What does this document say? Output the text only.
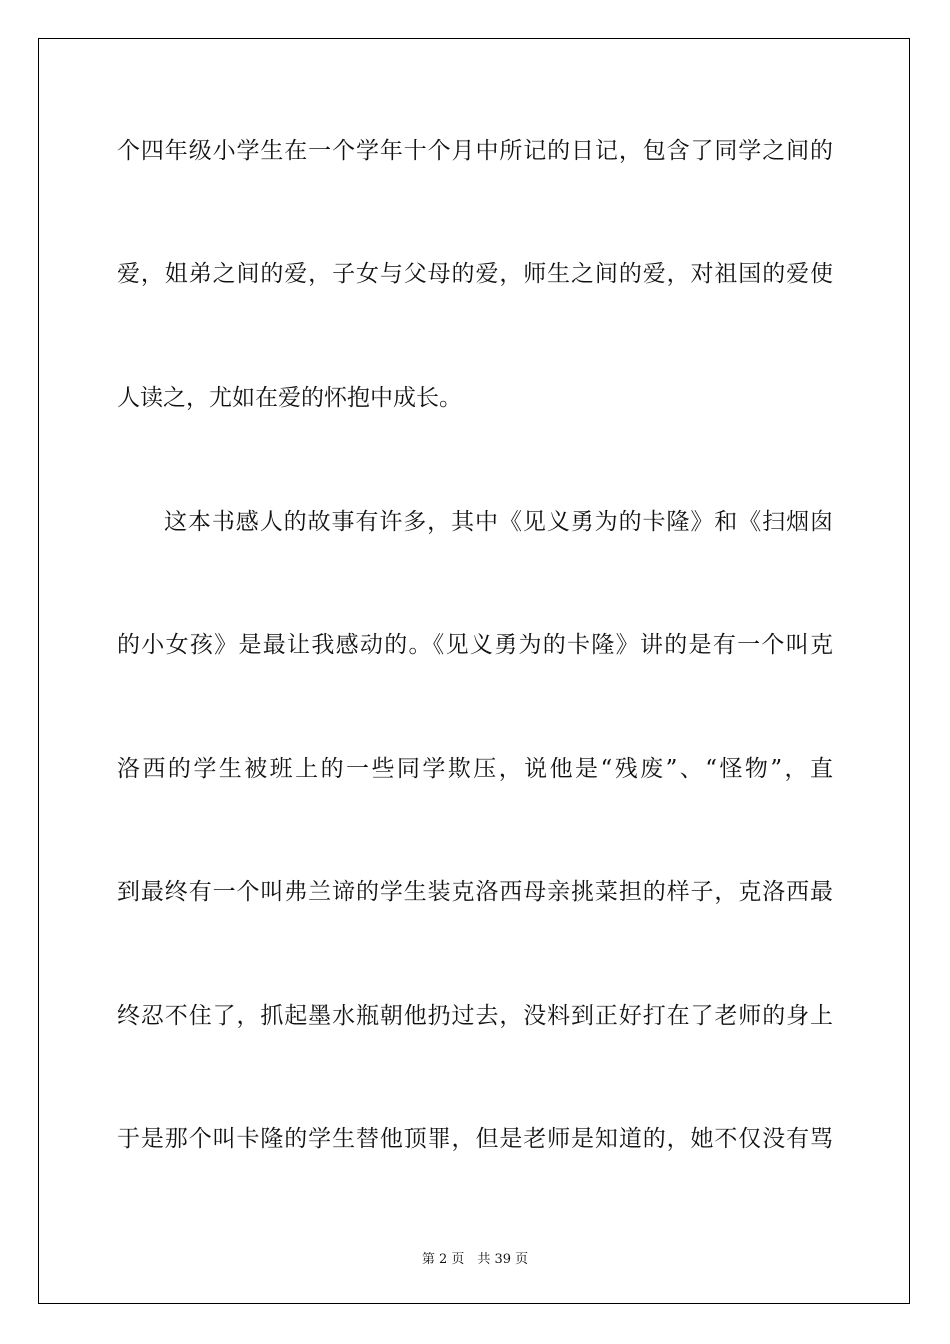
个四年级小学生在一个学年十个月中所记的日记，包含了同学之间的
爱，姐弟之间的爱，子女与父母的爱，师生之间的爱，对祖国的爱使
人读之，尤如在爱的怀抱中成长。
这本书感人的故事有许多，其中《见义勇为的卡隆》和《扫烟囱
的小女孩》是最让我感动的。《见义勇为的卡隆》讲的是有一个叫克
洛西的学生被班上的一些同学欺压，说他是“残废”、“怪物”，直
到最终有一个叫弗兰谛的学生装克洛西母亲挑菜担的样子，克洛西最
终忍不住了，抓起墨水瓶朝他扔过去，没料到正好打在了老师的身上
于是那个叫卡隆的学生替他顶罪，但是老师是知道的，她不仅没有骂
第 2 页　共 39 页
